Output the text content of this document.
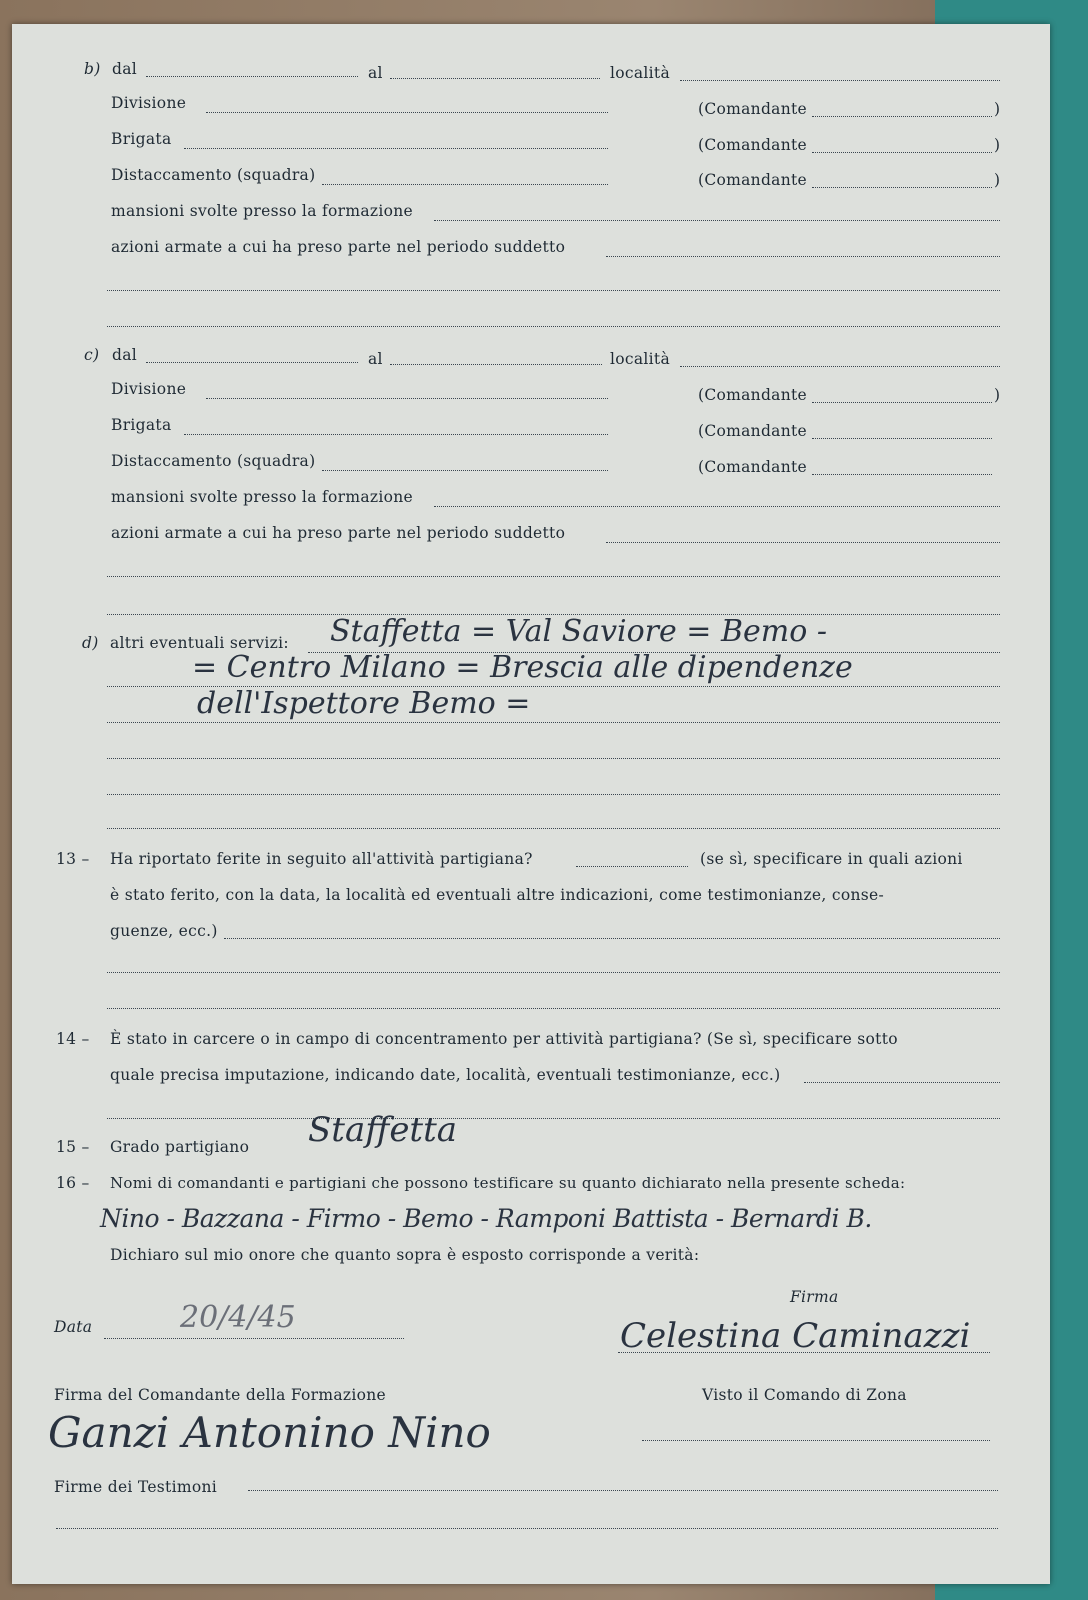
b) dal	al	località
Divisione	(Comandante	)
Brigata	(Comandante	)
Distaccamento (squadra)	(Comandante	)
mansioni svolte presso la formazione
azioni armate a cui ha preso parte nel periodo suddetto
c) dal	al	località
Divisione	(Comandante	)
Brigata	(Comandante
Distaccamento (squadra)	(Comandante
mansioni svolte presso la formazione
azioni armate a cui ha preso parte nel periodo suddetto
d) altri eventuali servizi: Staffetta = Val Saviore = Bemo -
= Centro Milano = Brescia alle dipendenze
dell'Ispettore Bemo =
13 – Ha riportato ferite in seguito all'attività partigiana?	(se sì, specificare in quali azioni
è stato ferito, con la data, la località ed eventuali altre indicazioni, come testimonianze, conse-
guenze, ecc.)
14 – È stato in carcere o in campo di concentramento per attività partigiana? (Se sì, specificare sotto
quale precisa imputazione, indicando date, località, eventuali testimonianze, ecc.)
15 – Grado partigiano Staffetta
16 – Nomi di comandanti e partigiani che possono testificare su quanto dichiarato nella presente scheda:
Nino - Bazzana - Firmo - Bemo - Ramponi Battista - Bernardi B.
Dichiaro sul mio onore che quanto sopra è esposto corrisponde a verità:
Firma
Data	20/4/45	Celestina Caminazzi
Firma del Comandante della Formazione	Visto il Comando di Zona
Ganzi Antonino Nino
Firme dei Testimoni
